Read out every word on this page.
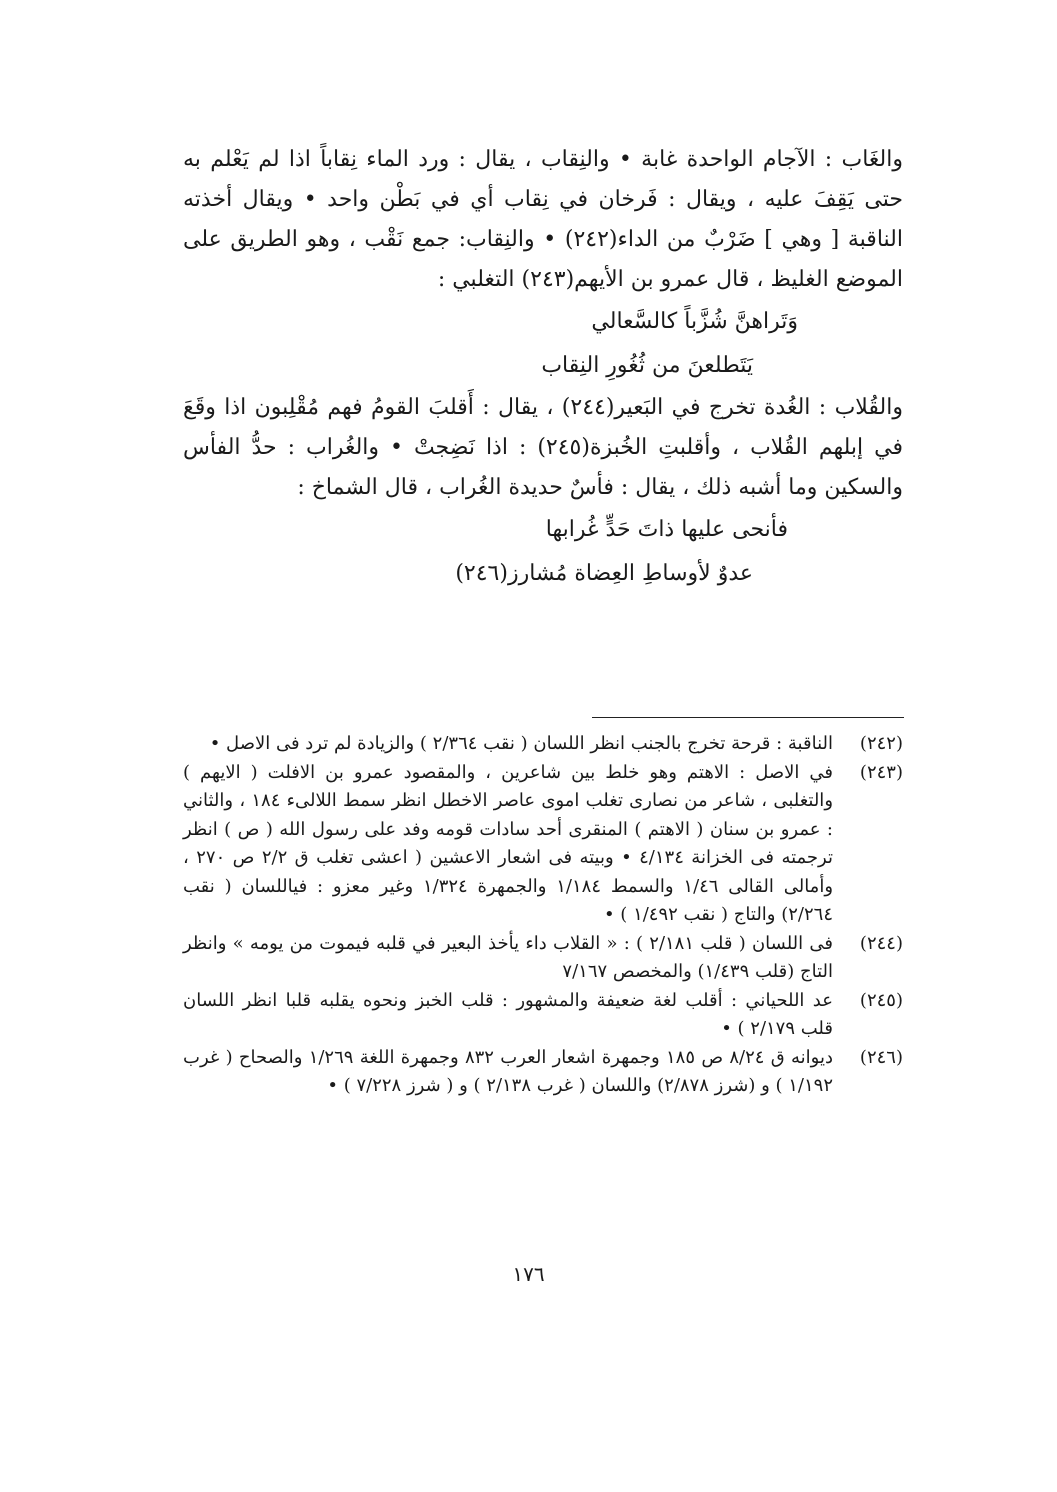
والغَاب : الآجام الواحدة غابة • والنِقاب ، يقال : ورد الماء نِقاباً اذا لم يَعْلم به حتى يَقِفَ عليه ، ويقال : فَرخان في نِقاب أي في بَطْن واحد • ويقال أخذته الناقبة [ وهي ] ضَرْبٌ من الداء(٢٤٢) • والنِقاب: جمع نَقْب ، وهو الطريق على الموضع الغليظ ، قال عمرو بن الأيهم(٢٤٣) التغلبي :

وَتَراهنَّ شُزَّباً كالسَّعالي

يَتَطلعنَ من ثُغُورِ النِقاب

والقُلاب : الغُدة تخرج في البَعير(٢٤٤) ، يقال : أَقلبَ القومُ فهم مُقْلِبون اذا وقَعَ في إبلهم القُلاب ، وأقلبتِ الخُبزة(٢٤٥) : اذا نَضِجتْ • والغُراب : حدُّ الفأس والسكين وما أشبه ذلك ، يقال : فأسٌ حديدة الغُراب ، قال الشماخ :

فأنحى عليها ذاتَ حَدٍّ غُرابها

عدوٌ لأوساطِ العِضاة مُشارز(٢٤٦)

(٢٤٢)
الناقبة : قرحة تخرج بالجنب انظر اللسان ( نقب ٢/٣٦٤ ) والزيادة لم ترد فى الاصل •
(٢٤٣)
في الاصل : الاهتم وهو خلط بين شاعرين ، والمقصود عمرو بن الافلت ( الايهم ) والتغلبى ، شاعر من نصارى تغلب اموى عاصر الاخطل انظر سمط اللالىء ١٨٤ ، والثاني : عمرو بن سنان ( الاهتم ) المنقرى أحد سادات قومه وفد على رسول الله ( ص ) انظر ترجمته فى الخزانة ٤/١٣٤ • وبيته فى اشعار الاعشين ( اعشى تغلب ق ٢/٢ ص ٢٧٠ ، وأمالى القالى ١/٤٦ والسمط ١/١٨٤ والجمهرة ١/٣٢٤ وغير معزو : فياللسان ( نقب ٢/٢٦٤) والتاج ( نقب ١/٤٩٢ ) •
(٢٤٤)
فى اللسان ( قلب ٢/١٨١ ) : « القلاب داء يأخذ البعير في قلبه فيموت من يومه » وانظر التاج (قلب ١/٤٣٩) والمخصص ٧/١٦٧
(٢٤٥)
عد اللحياني : أقلب لغة ضعيفة والمشهور : قلب الخبز ونحوه يقلبه قلبا انظر اللسان قلب ٢/١٧٩ ) •
(٢٤٦)
ديوانه ق ٨/٢٤ ص ١٨٥ وجمهرة اشعار العرب ٨٣٢ وجمهرة اللغة ١/٢٦٩ والصحاح ( غرب ١/١٩٢ ) و (شرز ٢/٨٧٨) واللسان ( غرب ٢/١٣٨ ) و ( شرز ٧/٢٢٨ ) •
١٧٦
